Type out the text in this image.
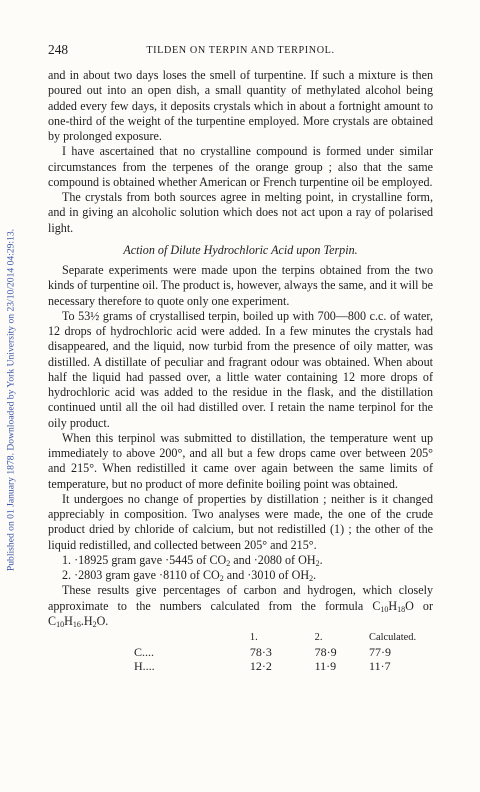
Published on 01 January 1878. Downloaded by York University on 23/10/2014 04:29:13.
248	TILDEN ON TERPIN AND TERPINOL.

and in about two days loses the smell of turpentine. If such a mixture is then poured out into an open dish, a small quantity of methylated alcohol being added every few days, it deposits crystals which in about a fortnight amount to one-third of the weight of the turpentine employed. More crystals are obtained by prolonged exposure.

I have ascertained that no crystalline compound is formed under similar circumstances from the terpenes of the orange group ; also that the same compound is obtained whether American or French turpentine oil be employed.

The crystals from both sources agree in melting point, in crystalline form, and in giving an alcoholic solution which does not act upon a ray of polarised light.

Action of Dilute Hydrochloric Acid upon Terpin.

Separate experiments were made upon the terpins obtained from the two kinds of turpentine oil. The product is, however, always the same, and it will be necessary therefore to quote only one experiment.

To 53½ grams of crystallised terpin, boiled up with 700—800 c.c. of water, 12 drops of hydrochloric acid were added. In a few minutes the crystals had disappeared, and the liquid, now turbid from the presence of oily matter, was distilled. A distillate of peculiar and fragrant odour was obtained. When about half the liquid had passed over, a little water containing 12 more drops of hydrochloric acid was added to the residue in the flask, and the distillation continued until all the oil had distilled over. I retain the name terpinol for the oily product.

When this terpinol was submitted to distillation, the temperature went up immediately to above 200°, and all but a few drops came over between 205° and 215°. When redistilled it came over again between the same limits of temperature, but no product of more definite boiling point was obtained.

It undergoes no change of properties by distillation ; neither is it changed appreciably in composition. Two analyses were made, the one of the crude product dried by chloride of calcium, but not redistilled (1) ; the other of the liquid redistilled, and collected between 205° and 215°.

1. ·18925 gram gave ·5445 of $CO_2$ and ·2080 of $OH_2$.

2. ·2803 gram gave ·8110 of $CO_2$ and ·3010 of $OH_2$.

These results give percentages of carbon and hydrogen, which closely approximate to the numbers calculated from the formula $C_{10}H_{18}O$ or $C_{10}H_{16}.H_2O$.

	1.	2.	Calculated.
C....	78·3	78·9	77·9
H....	12·2	11·9	11·7
